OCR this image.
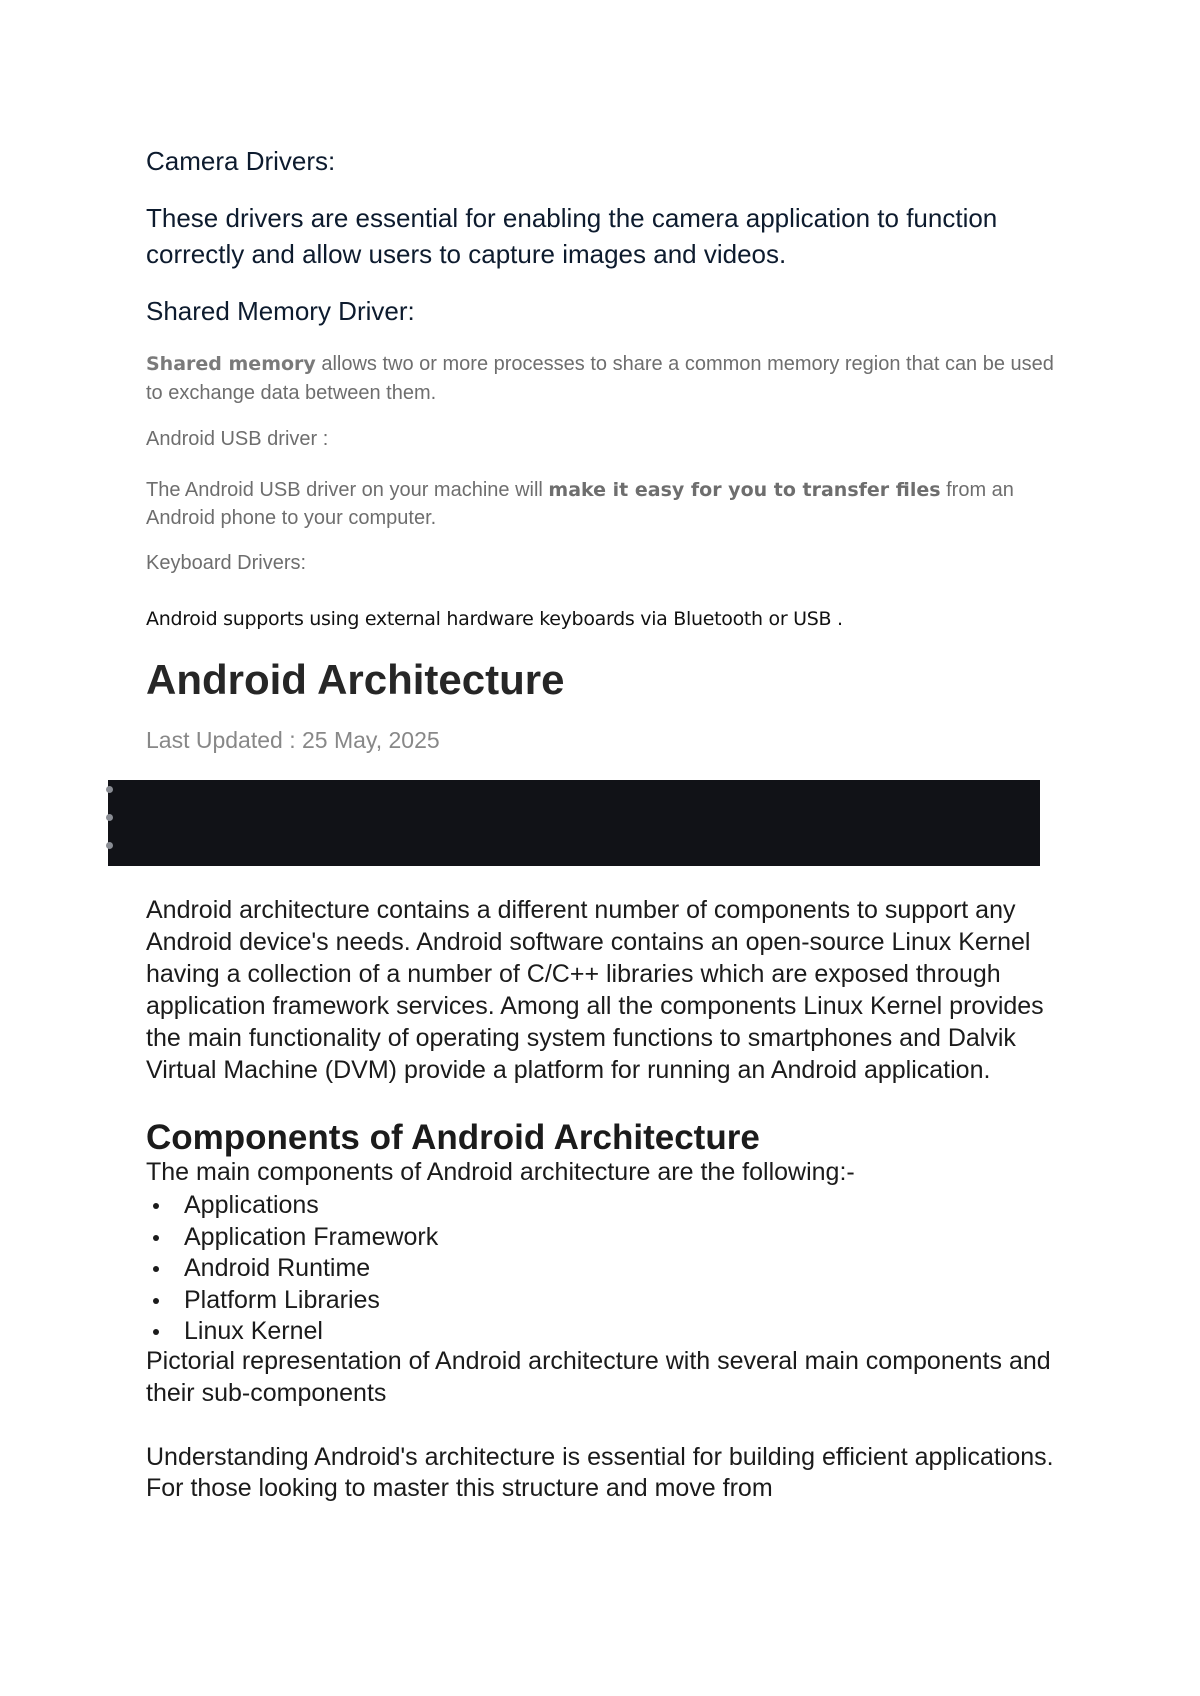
Camera Drivers:

These drivers are essential for enabling the camera application to function correctly and allow users to capture images and videos.

Shared Memory Driver:

Shared memory allows two or more processes to share a common memory region that can be used to exchange data between them.

Android USB driver :

The Android USB driver on your machine will make it easy for you to transfer files from an Android phone to your computer.

Keyboard Drivers:

Android supports using external hardware keyboards via Bluetooth or USB .

Android Architecture

Last Updated : 25 May, 2025

Android architecture contains a different number of components to support any Android device's needs. Android software contains an open-source Linux Kernel having a collection of a number of C/C++ libraries which are exposed through application framework services. Among all the components Linux Kernel provides the main functionality of operating system functions to smartphones and Dalvik Virtual Machine (DVM) provide a platform for running an Android application.

Components of Android Architecture

The main components of Android architecture are the following:-

Applications
Application Framework
Android Runtime
Platform Libraries
Linux Kernel

Pictorial representation of Android architecture with several main components and their sub-components

Understanding Android's architecture is essential for building efficient applications. For those looking to master this structure and move from
